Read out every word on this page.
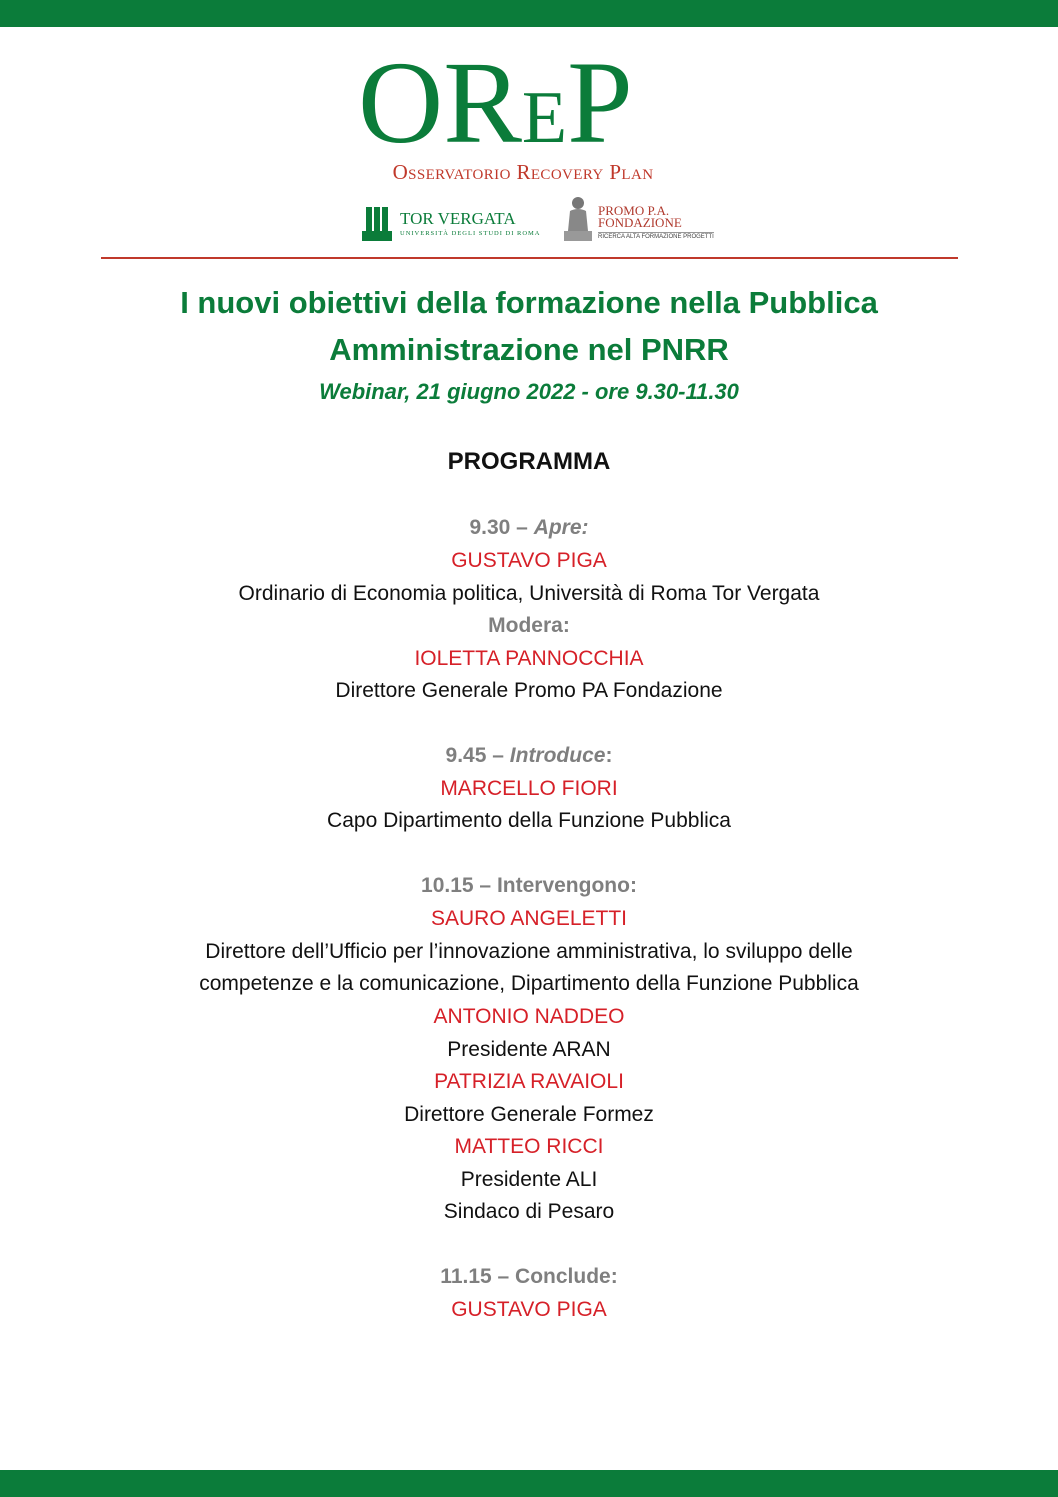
OREP
Osservatorio Recovery Plan
TOR VERGATA
UNIVERSITÀ DEGLI STUDI DI ROMA
PROMO P.A.
FONDAZIONE
RICERCA ALTA FORMAZIONE PROGETTI
I nuovi obiettivi della formazione nella Pubblica
Amministrazione nel PNRR
Webinar, 21 giugno 2022 - ore 9.30-11.30
PROGRAMMA
9.30 – Apre:
GUSTAVO PIGA
Ordinario di Economia politica, Università di Roma Tor Vergata
Modera:
IOLETTA PANNOCCHIA
Direttore Generale Promo PA Fondazione
9.45 – Introduce:
MARCELLO FIORI
Capo Dipartimento della Funzione Pubblica
10.15 – Intervengono:
SAURO ANGELETTI
Direttore dell’Ufficio per l’innovazione amministrativa, lo sviluppo delle
competenze e la comunicazione, Dipartimento della Funzione Pubblica
ANTONIO NADDEO
Presidente ARAN
PATRIZIA RAVAIOLI
Direttore Generale Formez
MATTEO RICCI
Presidente ALI
Sindaco di Pesaro
11.15 – Conclude:
GUSTAVO PIGA
